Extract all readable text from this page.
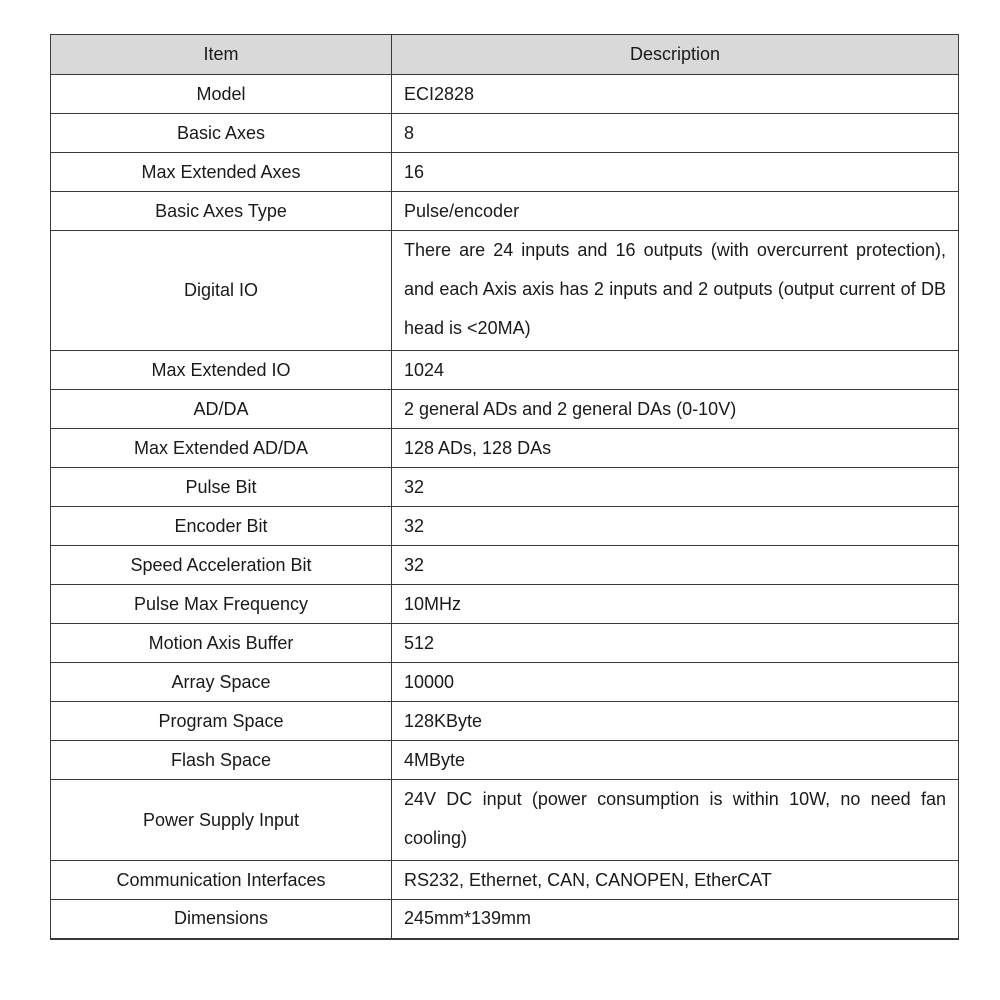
Item	Description
Model	ECI2828
Basic Axes	8
Max Extended Axes	16
Basic Axes Type	Pulse/encoder
Digital IO	There are 24 inputs and 16 outputs (with overcurrent protection), and each Axis axis has 2 inputs and 2 outputs (output current of DB head is <20MA)
Max Extended IO	1024
AD/DA	2 general ADs and 2 general DAs (0-10V)
Max Extended AD/DA	128 ADs, 128 DAs
Pulse Bit	32
Encoder Bit	32
Speed Acceleration Bit	32
Pulse Max Frequency	10MHz
Motion Axis Buffer	512
Array Space	10000
Program Space	128KByte
Flash Space	4MByte
Power Supply Input	24V DC input (power consumption is within 10W, no need fan cooling)
Communication Interfaces	RS232, Ethernet, CAN, CANOPEN, EtherCAT
Dimensions	245mm*139mm
